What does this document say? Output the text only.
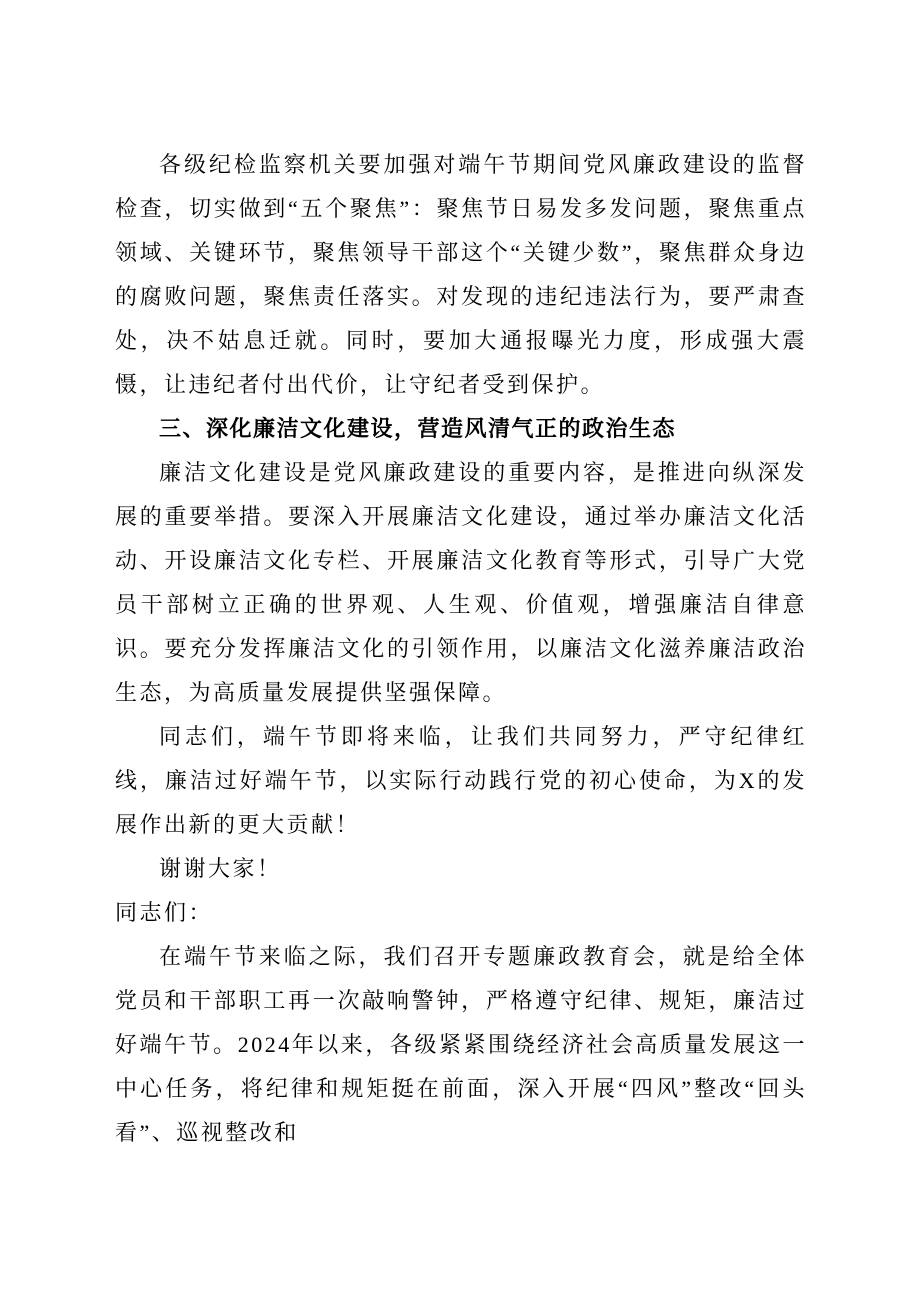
各级纪检监察机关要加强对端午节期间党风廉政建设的监督检查，切实做到“五个聚焦”：聚焦节日易发多发问题，聚焦重点领域、关键环节，聚焦领导干部这个“关键少数”，聚焦群众身边的腐败问题，聚焦责任落实。对发现的违纪违法行为，要严肃查处，决不姑息迁就。同时，要加大通报曝光力度，形成强大震慑，让违纪者付出代价，让守纪者受到保护。

三、深化廉洁文化建设，营造风清气正的政治生态

廉洁文化建设是党风廉政建设的重要内容，是推进向纵深发展的重要举措。要深入开展廉洁文化建设，通过举办廉洁文化活动、开设廉洁文化专栏、开展廉洁文化教育等形式，引导广大党员干部树立正确的世界观、人生观、价值观，增强廉洁自律意识。要充分发挥廉洁文化的引领作用，以廉洁文化滋养廉洁政治生态，为高质量发展提供坚强保障。

同志们，端午节即将来临，让我们共同努力，严守纪律红线，廉洁过好端午节，以实际行动践行党的初心使命，为X的发展作出新的更大贡献！

谢谢大家！

同志们：

在端午节来临之际，我们召开专题廉政教育会，就是给全体党员和干部职工再一次敲响警钟，严格遵守纪律、规矩，廉洁过好端午节。2024年以来，各级紧紧围绕经济社会高质量发展这一中心任务，将纪律和规矩挺在前面，深入开展“四风”整改“回头看”、巡视整改和
